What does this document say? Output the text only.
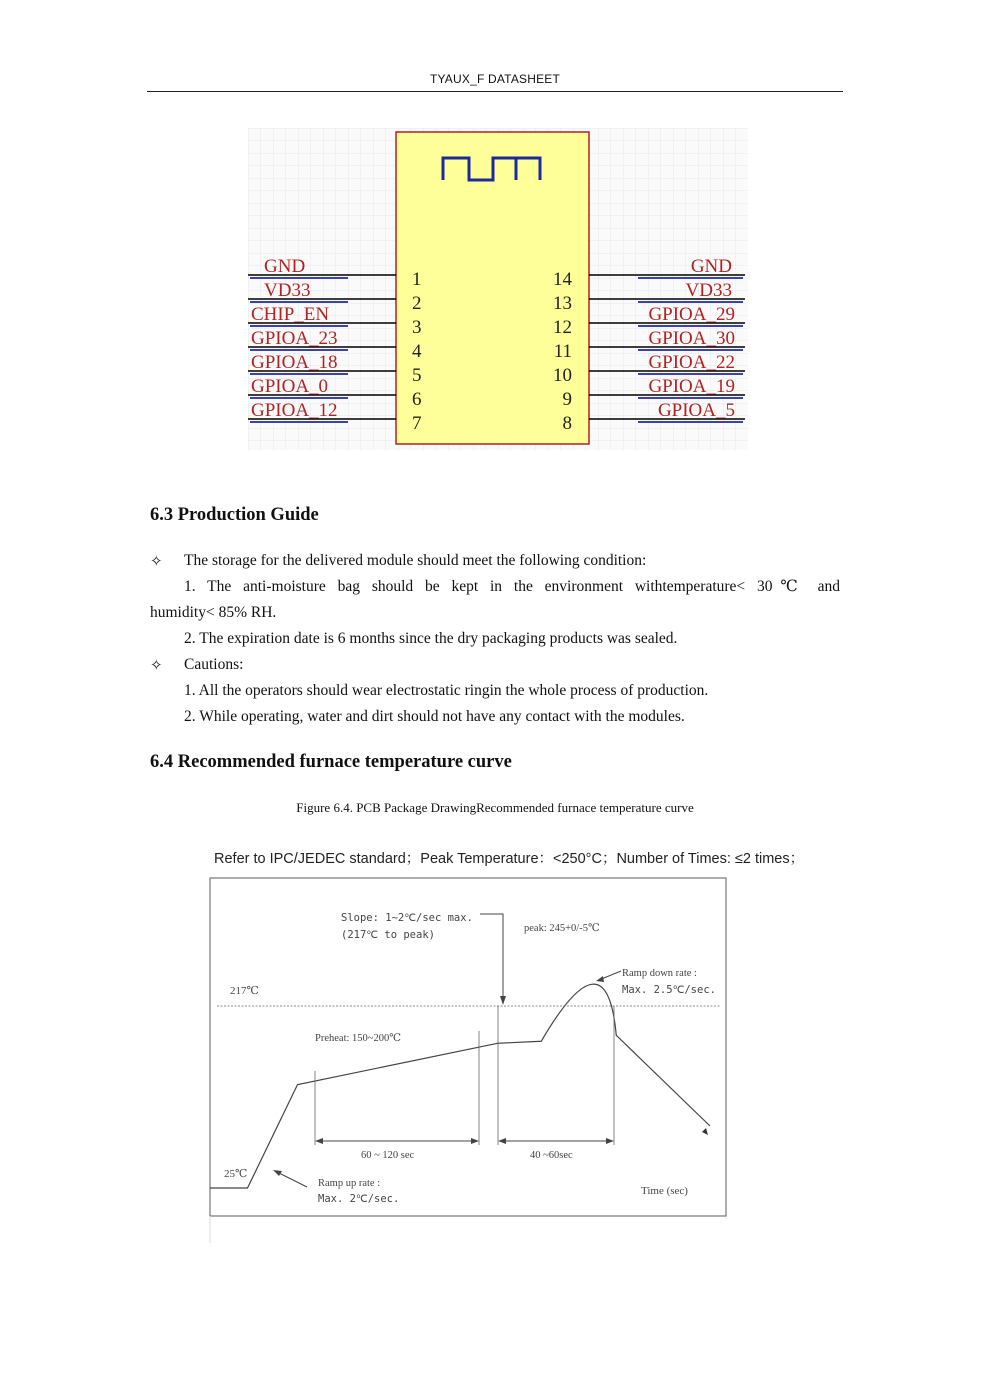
TYAUX_F DATASHEET
GND
1
VD33
2
CHIP_EN
3
GPIOA_23
4
GPIOA_18
5
GPIOA_0
6
GPIOA_12
7
GND
14
VD33
13
GPIOA_29
12
GPIOA_30
11
GPIOA_22
10
GPIOA_19
9
GPIOA_5
8
6.3 Production Guide
✧	The storage for the delivered module should meet the following condition:
1. The anti-moisture bag should be kept in the environment withtemperature< 30℃ and
humidity< 85% RH.
2. The expiration date is 6 months since the dry packaging products was sealed.
✧	Cautions:
1. All the operators should wear electrostatic ringin the whole process of production.
2. While operating, water and dirt should not have any contact with the modules.
6.4 Recommended furnace temperature curve
Figure 6.4. PCB Package DrawingRecommended furnace temperature curve
Refer to IPC/JEDEC standard；Peak Temperature：<250°C；Number of Times: ≤2 times；
217℃
60 ~ 120 sec	40 ~60sec
Slope: 1~2℃/sec max.
(217℃ to peak)
peak: 245+0/-5℃
Ramp down rate :
Max. 2.5℃/sec.
Preheat: 150~200℃
25℃
Ramp up rate :
Max. 2℃/sec.
Time (sec)
